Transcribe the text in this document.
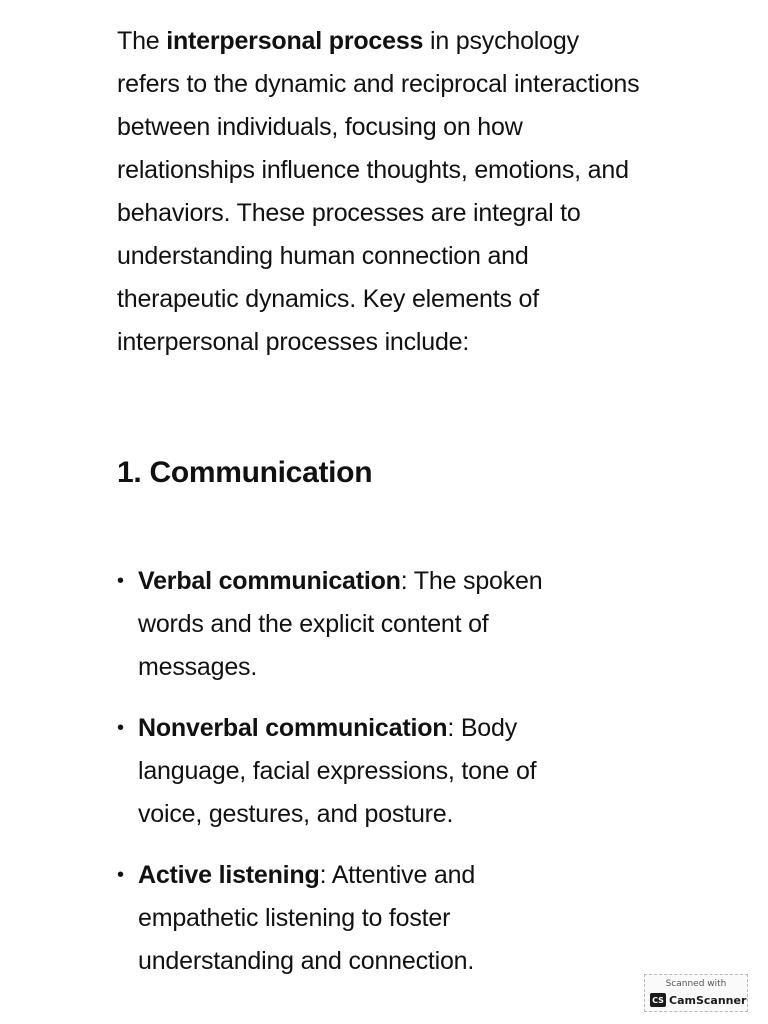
The interpersonal process in psychology refers to the dynamic and reciprocal interactions between individuals, focusing on how relationships influence thoughts, emotions, and behaviors. These processes are integral to understanding human connection and therapeutic dynamics. Key elements of interpersonal processes include:

1. Communication
• Verbal communication: The spoken words and the explicit content of messages.
• Nonverbal communication: Body language, facial expressions, tone of voice, gestures, and posture.
• Active listening: Attentive and empathetic listening to foster understanding and connection.
Scanned with
CS CamScanner
